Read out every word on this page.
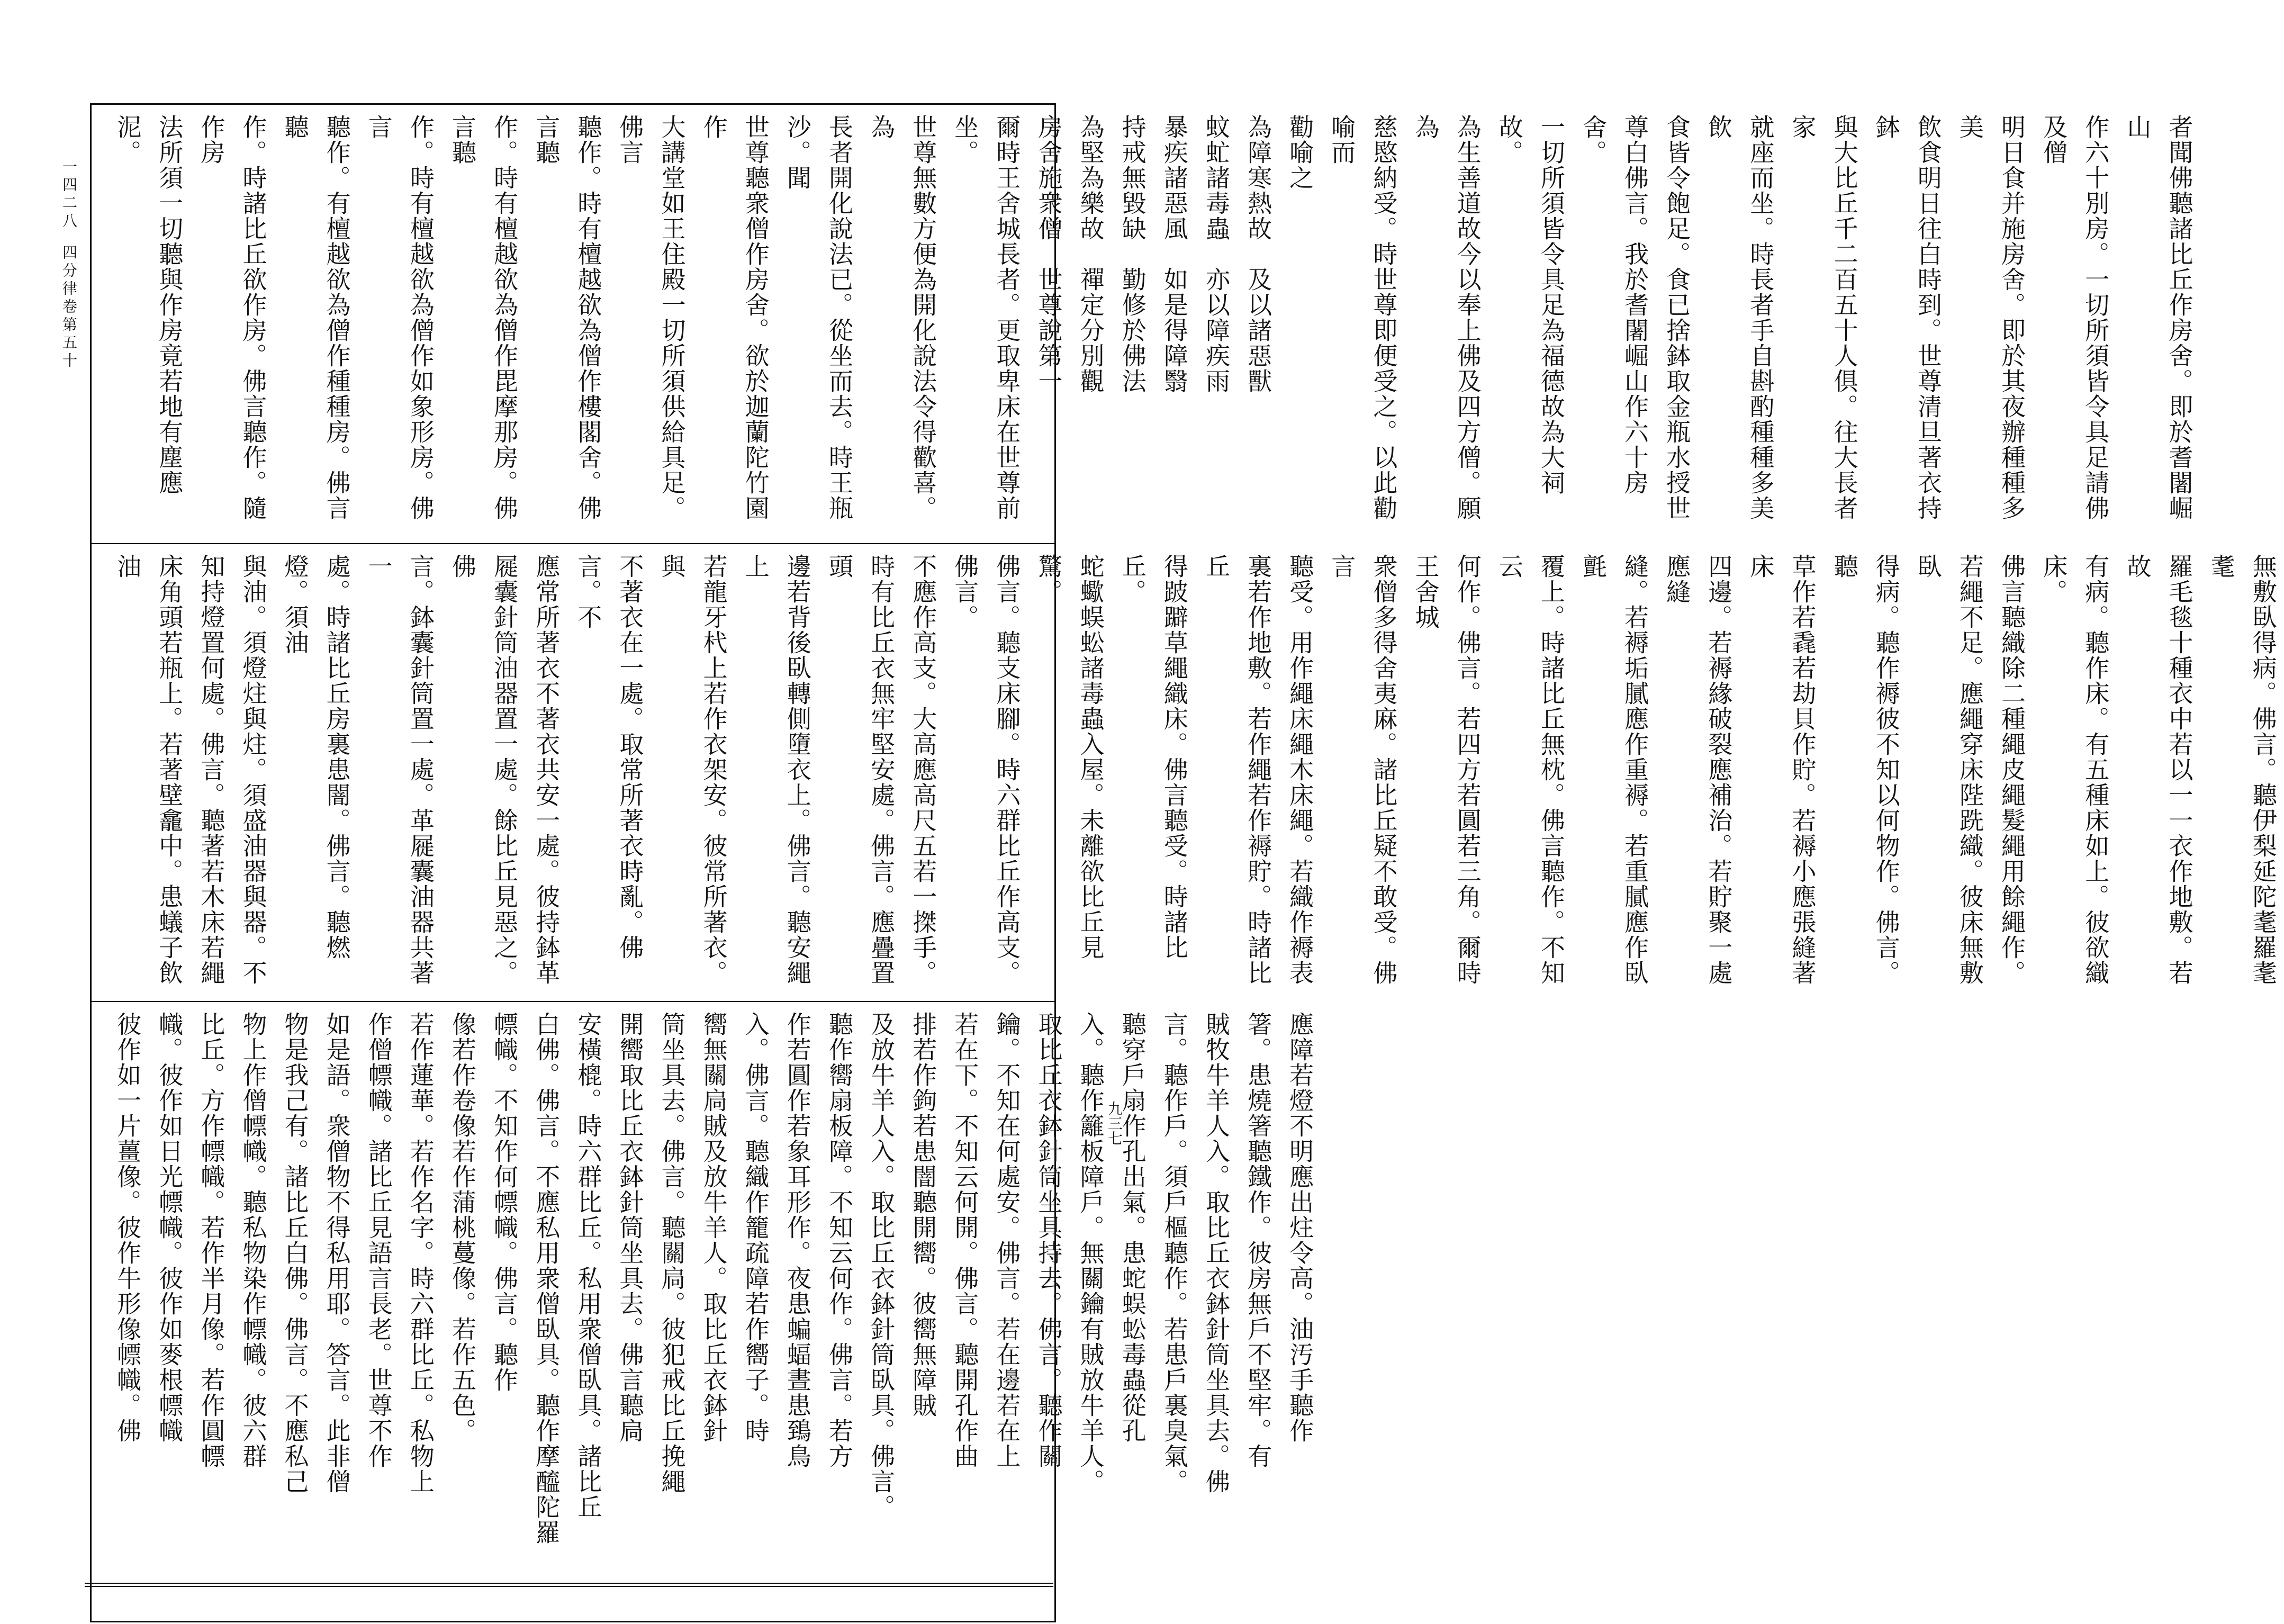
一四二八
四分律卷第五十
九三七

者聞佛聽諸比丘作房舍。即於耆闍崛山

作六十別房。一切所須皆令具足請佛及僧

明日食并施房舍。即於其夜辦種種多美

飲食明日往白時到。世尊清旦著衣持鉢

與大比丘千二百五十人俱。往大長者家

就座而坐。時長者手自斟酌種種多美飲

食皆令飽足。食已捨鉢取金瓶水授世

尊白佛言。我於耆闍崛山作六十房舍。

一切所須皆令具足為福德故為大祠故。

為生善道故今以奉上佛及四方僧。願為

慈愍納受。時世尊即便受之。以此勸喻而

勸喻之

為障寒熱故　及以諸惡獸

蚊虻諸毒蟲　亦以障疾雨

暴疾諸惡風　如是得障翳

持戒無毀缺　勤修於佛法

為堅為樂故　禪定分別觀

房舍施衆僧　世尊說第一

爾時王舍城長者。更取卑床在世尊前坐。

世尊無數方便為開化說法令得歡喜。為

長者開化說法已。從坐而去。時王瓶沙。聞

世尊聽衆僧作房舍。欲於迦蘭陀竹園作

大講堂如王住殿一切所須供給具足。佛言

聽作。時有檀越欲為僧作樓閣舍。佛言聽

作。時有檀越欲為僧作毘摩那房。佛言聽

作。時有檀越欲為僧作如象形房。佛言

聽作。有檀越欲為僧作種種房。佛言聽

作。時諸比丘欲作房。佛言聽作。隨作房

法所須一切聽與作房竟若地有塵應泥。

無敷臥得病。佛言。聽伊梨延陀耄羅耄耄

羅毛毯十種衣中若以一一衣作地敷。若故

有病。聽作床。有五種床如上。彼欲織床。

佛言聽織除二種繩皮繩髮繩用餘繩作。

若繩不足。應繩穿床陛跣織。彼床無敷臥

得病。聽作褥彼不知以何物作。佛言。聽

草作若毳若劫貝作貯。若褥小應張縫著床

四邊。若褥緣破裂應補治。若貯聚一處應縫

縫。若褥垢膩應作重褥。若重膩應作臥氈

覆上。時諸比丘無枕。佛言聽作。不知云

何作。佛言。若四方若圓若三角。爾時王舍城

衆僧多得舍夷麻。諸比丘疑不敢受。佛言

聽受。用作繩床繩木床繩。若織作褥表

裏若作地敷。若作繩若作褥貯。時諸比丘

得跛躃草繩織床。佛言聽受。時諸比丘。

蛇蠍蜈蚣諸毒蟲入屋。未離欲比丘見驚。

佛言。聽支床腳。時六群比丘作高支。佛言。

不應作高支。大高應高尺五若一搩手。

時有比丘衣無牢堅安處。佛言。應疊置頭

邊若背後臥轉側墮衣上。佛言。聽安繩上

若龍牙杙上若作衣架安。彼常所著衣。與

不著衣在一處。取常所著衣時亂。佛言。不

應常所著衣不著衣共安一處。彼持鉢革

屣囊針筒油器置一處。餘比丘見惡之。佛

言。鉢囊針筒置一處。革屣囊油器共著一

處。時諸比丘房裏患闇。佛言。聽燃燈。須油

與油。須燈炷與炷。須盛油器與器。不

知持燈置何處。佛言。聽著若木床若繩

床角頭若瓶上。若著壁龕中。患蟻子飲油

應障若燈不明應出炷令高。油汚手聽作

箸。患燒箸聽鐵作。彼房無戶不堅牢。有

賊牧牛羊人入。取比丘衣鉢針筒坐具去。佛

言。聽作戶。須戶樞聽作。若患戶裏臭氣。

聽穿戶扇作孔出氣。患蛇蜈蚣毒蟲從孔

入。聽作籬板障戶。無關鑰有賊放牛羊人。

取比丘衣鉢針筒坐具持去。佛言。聽作關

鑰。不知在何處安。佛言。若在邊若在上

若在下。不知云何開。佛言。聽開孔作曲

排若作鉤若患闇聽開嚮。彼嚮無障賊

及放牛羊人入。取比丘衣鉢針筒臥具。佛言。

聽作嚮扇板障。不知云何作。佛言。若方

作若圓作若象耳形作。夜患蝙蝠晝患鵄鳥

入。佛言。聽織作籠疏障若作嚮子。時

嚮無關扃賊及放牛羊人。取比丘衣鉢針

筒坐具去。佛言。聽關扃。彼犯戒比丘挽繩

開嚮取比丘衣鉢針筒坐具去。佛言聽扃

安橫㮰。時六群比丘。私用衆僧臥具。諸比丘

白佛。佛言。不應私用衆僧臥具。聽作摩醯陀羅

幖幟。不知作何幖幟。佛言。聽作

像若作卷像若作蒲桃蔓像。若作五色。

若作蓮華。若作名字。時六群比丘。私物上

作僧幖幟。諸比丘見語言長老。世尊不作

如是語。衆僧物不得私用耶。答言。此非僧

物是我己有。諸比丘白佛。佛言。不應私己

物上作僧幖幟。聽私物染作幖幟。彼六群

比丘。方作幖幟。若作半月像。若作圓幖

幟。彼作如日光幖幟。彼作如麥根幖幟

彼作如一片薑像。彼作牛形像幖幟。佛
